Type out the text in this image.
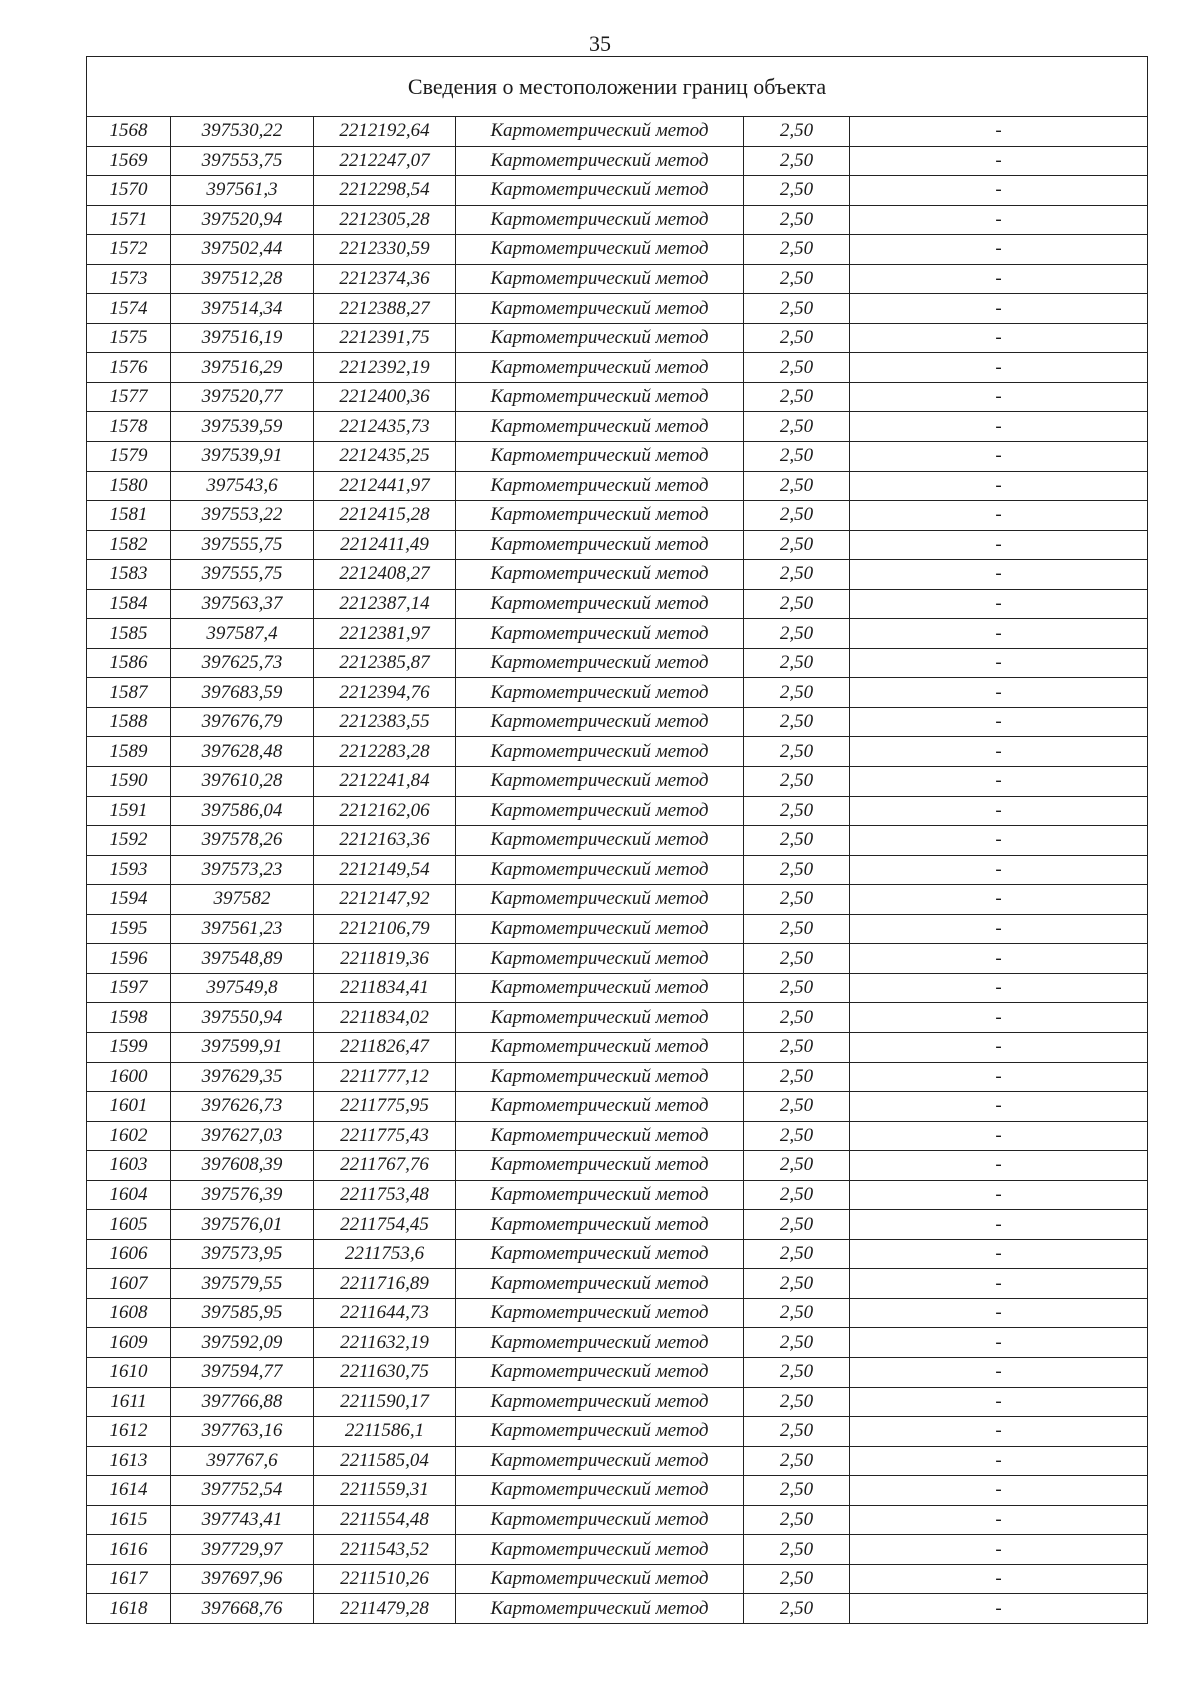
35
Сведения о местоположении границ объекта					
1568	397530,22	2212192,64	Картометрический метод	2,50	-
1569	397553,75	2212247,07	Картометрический метод	2,50	-
1570	397561,3	2212298,54	Картометрический метод	2,50	-
1571	397520,94	2212305,28	Картометрический метод	2,50	-
1572	397502,44	2212330,59	Картометрический метод	2,50	-
1573	397512,28	2212374,36	Картометрический метод	2,50	-
1574	397514,34	2212388,27	Картометрический метод	2,50	-
1575	397516,19	2212391,75	Картометрический метод	2,50	-
1576	397516,29	2212392,19	Картометрический метод	2,50	-
1577	397520,77	2212400,36	Картометрический метод	2,50	-
1578	397539,59	2212435,73	Картометрический метод	2,50	-
1579	397539,91	2212435,25	Картометрический метод	2,50	-
1580	397543,6	2212441,97	Картометрический метод	2,50	-
1581	397553,22	2212415,28	Картометрический метод	2,50	-
1582	397555,75	2212411,49	Картометрический метод	2,50	-
1583	397555,75	2212408,27	Картометрический метод	2,50	-
1584	397563,37	2212387,14	Картометрический метод	2,50	-
1585	397587,4	2212381,97	Картометрический метод	2,50	-
1586	397625,73	2212385,87	Картометрический метод	2,50	-
1587	397683,59	2212394,76	Картометрический метод	2,50	-
1588	397676,79	2212383,55	Картометрический метод	2,50	-
1589	397628,48	2212283,28	Картометрический метод	2,50	-
1590	397610,28	2212241,84	Картометрический метод	2,50	-
1591	397586,04	2212162,06	Картометрический метод	2,50	-
1592	397578,26	2212163,36	Картометрический метод	2,50	-
1593	397573,23	2212149,54	Картометрический метод	2,50	-
1594	397582	2212147,92	Картометрический метод	2,50	-
1595	397561,23	2212106,79	Картометрический метод	2,50	-
1596	397548,89	2211819,36	Картометрический метод	2,50	-
1597	397549,8	2211834,41	Картометрический метод	2,50	-
1598	397550,94	2211834,02	Картометрический метод	2,50	-
1599	397599,91	2211826,47	Картометрический метод	2,50	-
1600	397629,35	2211777,12	Картометрический метод	2,50	-
1601	397626,73	2211775,95	Картометрический метод	2,50	-
1602	397627,03	2211775,43	Картометрический метод	2,50	-
1603	397608,39	2211767,76	Картометрический метод	2,50	-
1604	397576,39	2211753,48	Картометрический метод	2,50	-
1605	397576,01	2211754,45	Картометрический метод	2,50	-
1606	397573,95	2211753,6	Картометрический метод	2,50	-
1607	397579,55	2211716,89	Картометрический метод	2,50	-
1608	397585,95	2211644,73	Картометрический метод	2,50	-
1609	397592,09	2211632,19	Картометрический метод	2,50	-
1610	397594,77	2211630,75	Картометрический метод	2,50	-
1611	397766,88	2211590,17	Картометрический метод	2,50	-
1612	397763,16	2211586,1	Картометрический метод	2,50	-
1613	397767,6	2211585,04	Картометрический метод	2,50	-
1614	397752,54	2211559,31	Картометрический метод	2,50	-
1615	397743,41	2211554,48	Картометрический метод	2,50	-
1616	397729,97	2211543,52	Картометрический метод	2,50	-
1617	397697,96	2211510,26	Картометрический метод	2,50	-
1618	397668,76	2211479,28	Картометрический метод	2,50	-
